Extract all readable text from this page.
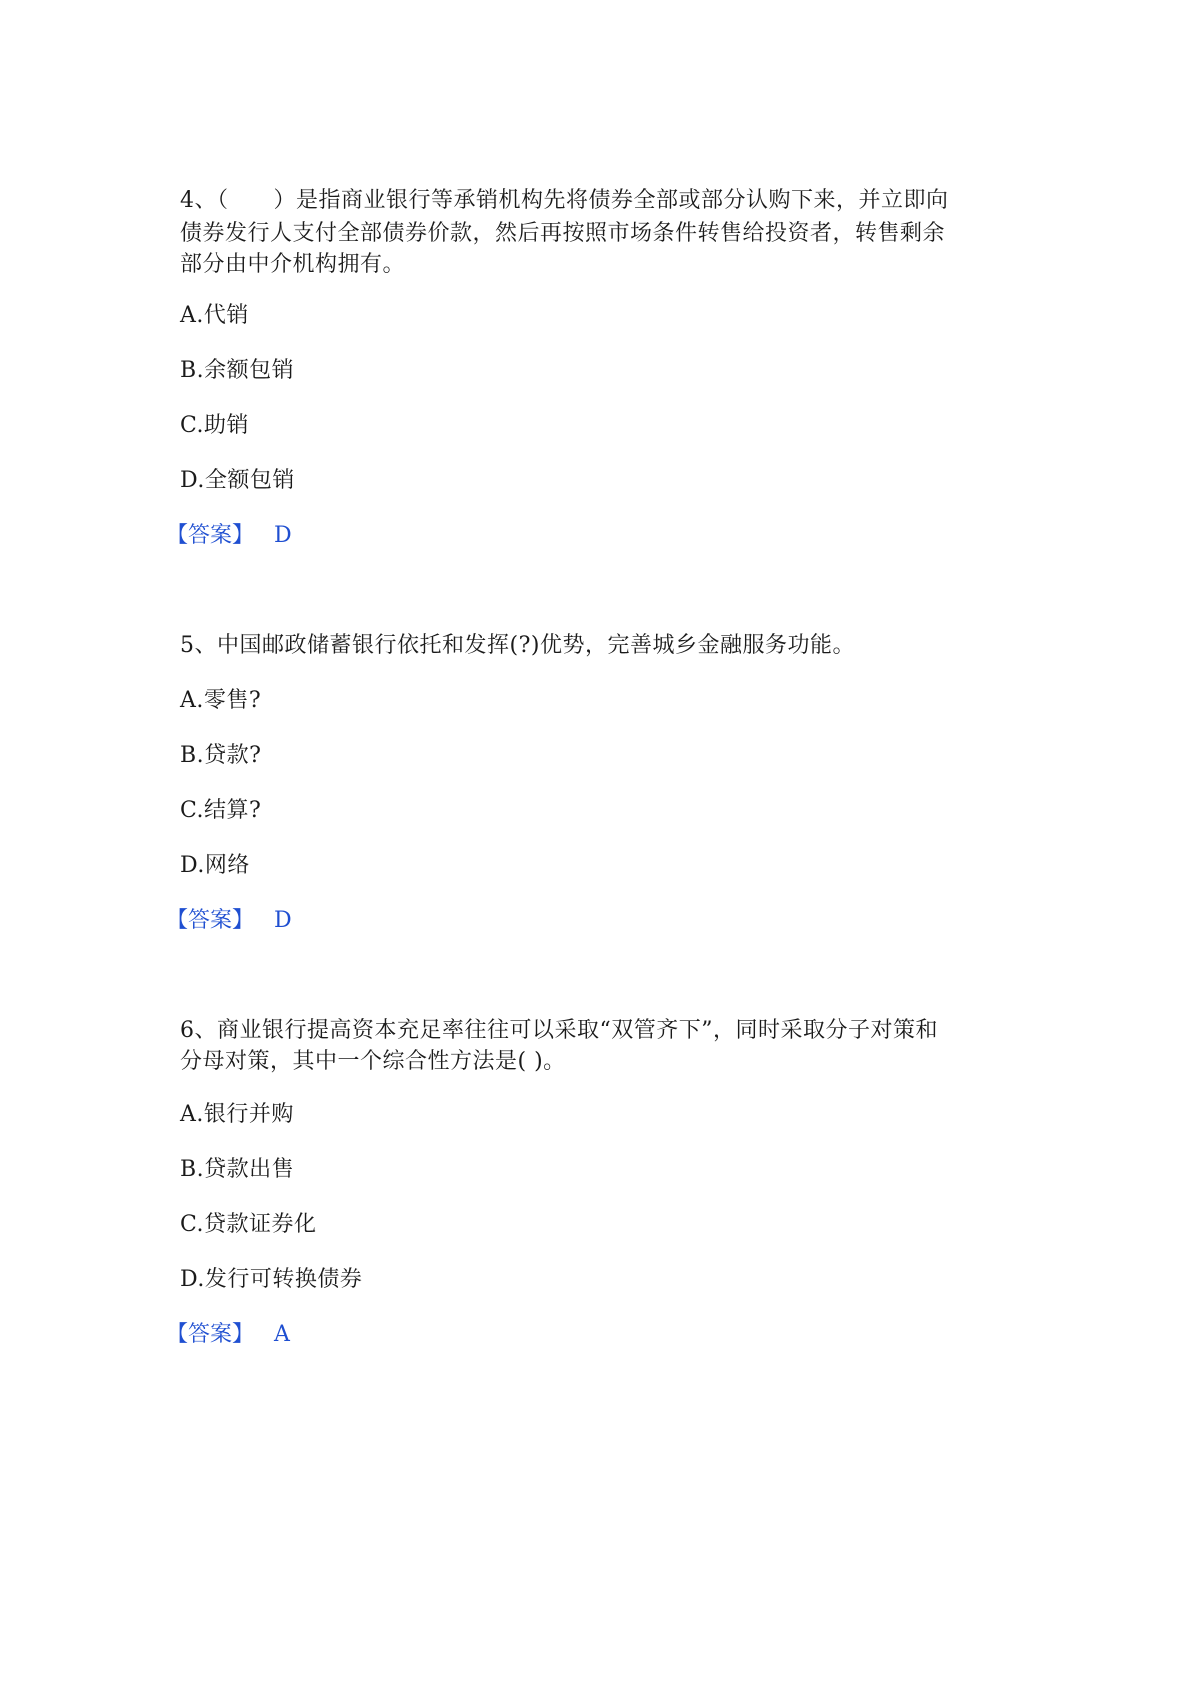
4、（　　）是指商业银行等承销机构先将债券全部或部分认购下来，并立即向
债券发行人支付全部债券价款，然后再按照市场条件转售给投资者，转售剩余
部分由中介机构拥有。
A.代销
B.余额包销
C.助销
D.全额包销
【答案】 D
5、中国邮政储蓄银行依托和发挥(?)优势，完善城乡金融服务功能。
A.零售?
B.贷款?
C.结算?
D.网络
【答案】 D
6、商业银行提高资本充足率往往可以采取“双管齐下”，同时采取分子对策和
分母对策，其中一个综合性方法是( )。
A.银行并购
B.贷款出售
C.贷款证券化
D.发行可转换债券
【答案】 A
